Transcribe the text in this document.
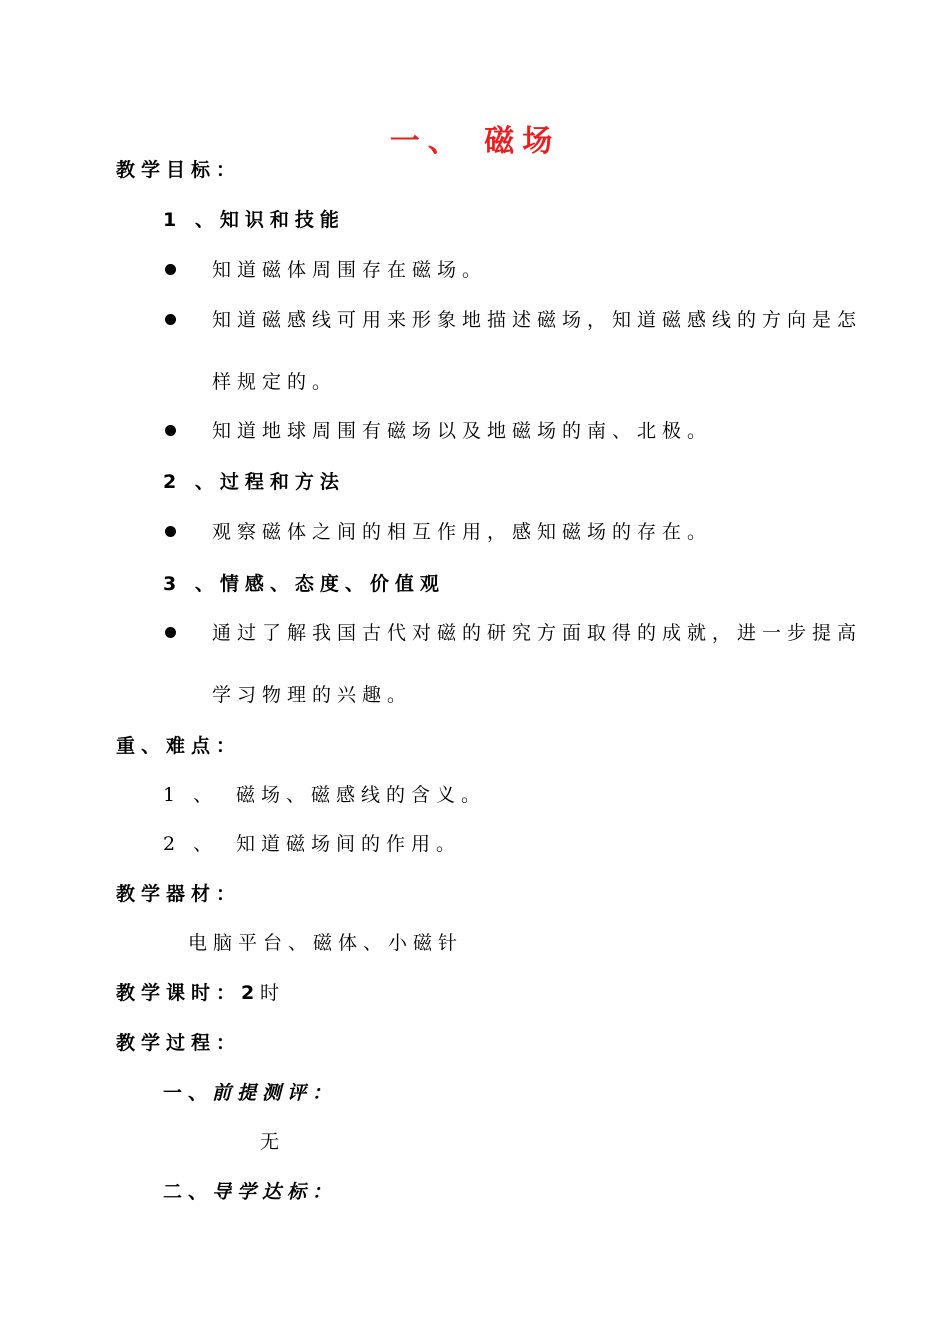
一、 磁场
教学目标：
1 、知识和技能
知道磁体周围存在磁场。
知道磁感线可用来形象地描述磁场，知道磁感线的方向是怎
样规定的。
知道地球周围有磁场以及地磁场的南、北极。
2 、过程和方法
观察磁体之间的相互作用，感知磁场的存在。
3 、情感、态度、价值观
通过了解我国古代对磁的研究方面取得的成就，进一步提高
学习物理的兴趣。
重、难点：
1 、 磁场、磁感线的含义。
2 、 知道磁场间的作用。
教学器材：
电脑平台、磁体、小磁针
教学课时：2 时
教学过程：
一、
前提测评：
无
二、
导学达标：
